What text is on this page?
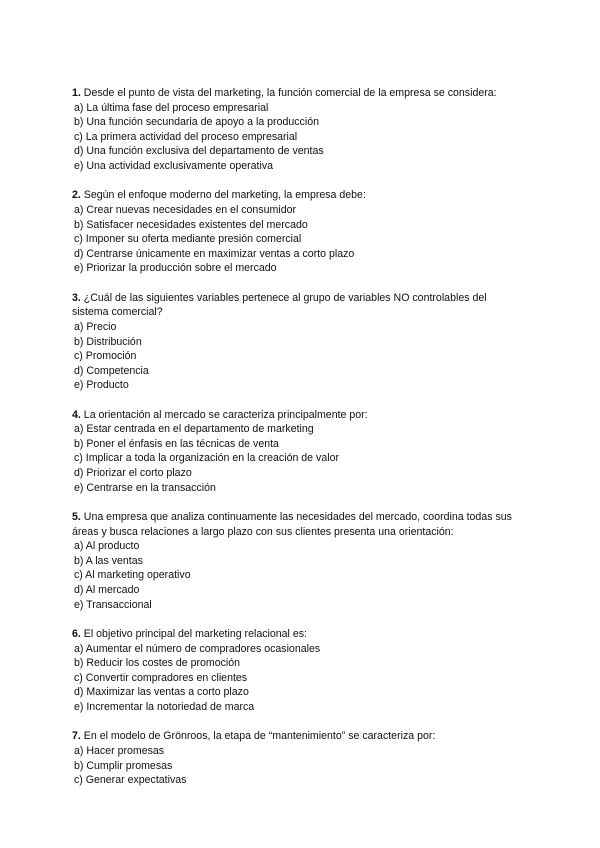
1. Desde el punto de vista del marketing, la función comercial de la empresa se considera:

a) La última fase del proceso empresarial
b) Una función secundaria de apoyo a la producción
c) La primera actividad del proceso empresarial
d) Una función exclusiva del departamento de ventas
e) Una actividad exclusivamente operativa

2. Según el enfoque moderno del marketing, la empresa debe:

a) Crear nuevas necesidades en el consumidor
b) Satisfacer necesidades existentes del mercado
c) Imponer su oferta mediante presión comercial
d) Centrarse únicamente en maximizar ventas a corto plazo
e) Priorizar la producción sobre el mercado

3. ¿Cuál de las siguientes variables pertenece al grupo de variables NO controlables del sistema comercial?

a) Precio
b) Distribución
c) Promoción
d) Competencia
e) Producto

4. La orientación al mercado se caracteriza principalmente por:

a) Estar centrada en el departamento de marketing
b) Poner el énfasis en las técnicas de venta
c) Implicar a toda la organización en la creación de valor
d) Priorizar el corto plazo
e) Centrarse en la transacción

5. Una empresa que analiza continuamente las necesidades del mercado, coordina todas sus áreas y busca relaciones a largo plazo con sus clientes presenta una orientación:

a) Al producto
b) A las ventas
c) Al marketing operativo
d) Al mercado
e) Transaccional

6. El objetivo principal del marketing relacional es:

a) Aumentar el número de compradores ocasionales
b) Reducir los costes de promoción
c) Convertir compradores en clientes
d) Maximizar las ventas a corto plazo
e) Incrementar la notoriedad de marca

7. En el modelo de Grönroos, la etapa de “mantenimiento” se caracteriza por:

a) Hacer promesas
b) Cumplir promesas
c) Generar expectativas
